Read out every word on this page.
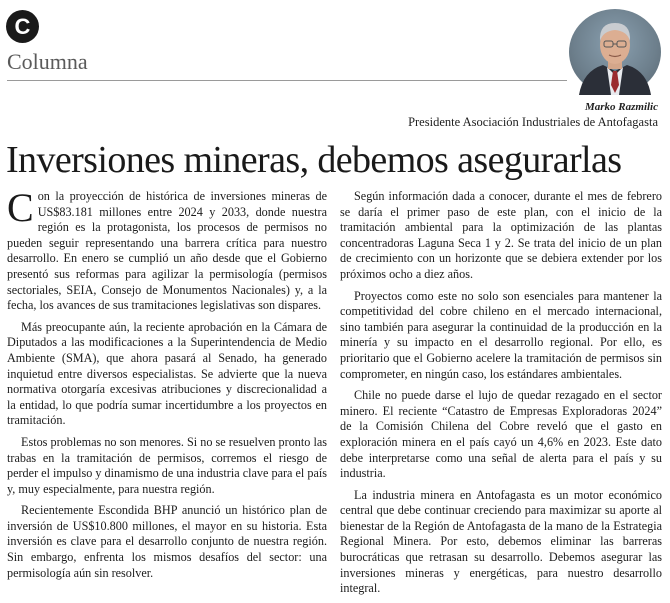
C
Columna
Marko Razmilic
Presidente Asociación Industriales de Antofagasta
Inversiones mineras, debemos asegurarlas

Con la proyección de histórica de inversiones mineras de US$83.181 millones entre 2024 y 2033, donde nuestra región es la protagonista, los procesos de permisos no pueden seguir representando una barrera crítica para nuestro desarrollo. En enero se cumplió un año desde que el Gobierno presentó sus reformas para agilizar la permisología (permisos sectoriales, SEIA, Consejo de Monumentos Nacionales) y, a la fecha, los avances de sus tramitaciones legislativas son dispares.

Más preocupante aún, la reciente aprobación en la Cámara de Diputados a las modificaciones a la Superintendencia de Medio Ambiente (SMA), que ahora pasará al Senado, ha generado inquietud entre diversos especialistas. Se advierte que la nueva normativa otorgaría excesivas atribuciones y discrecionalidad a la entidad, lo que podría sumar incertidumbre a los proyectos en tramitación.

Estos problemas no son menores. Si no se resuelven pronto las trabas en la tramitación de permisos, corremos el riesgo de perder el impulso y dinamismo de una industria clave para el país y, muy especialmente, para nuestra región.

Recientemente Escondida BHP anunció un histórico plan de inversión de US$10.800 millones, el mayor en su historia. Esta inversión es clave para el desarrollo conjunto de nuestra región. Sin embargo, enfrenta los mismos desafíos del sector: una permisología aún sin resolver.

Según información dada a conocer, durante el mes de febrero se daría el primer paso de este plan, con el inicio de la tramitación ambiental para la optimización de las plantas concentradoras Laguna Seca 1 y 2. Se trata del inicio de un plan de crecimiento con un horizonte que se debiera extender por los próximos ocho a diez años.

Proyectos como este no solo son esenciales para mantener la competitividad del cobre chileno en el mercado internacional, sino también para asegurar la continuidad de la producción en la minería y su impacto en el desarrollo regional. Por ello, es prioritario que el Gobierno acelere la tramitación de permisos sin comprometer, en ningún caso, los estándares ambientales.

Chile no puede darse el lujo de quedar rezagado en el sector minero. El reciente “Catastro de Empresas Exploradoras 2024” de la Comisión Chilena del Cobre reveló que el gasto en exploración minera en el país cayó un 4,6% en 2023. Este dato debe interpretarse como una señal de alerta para el país y su industria.

La industria minera en Antofagasta es un motor económico central que debe continuar creciendo para maximizar su aporte al bienestar de la Región de Antofagasta de la mano de la Estrategia Regional Minera. Por esto, debemos eliminar las barreras burocráticas que retrasan su desarrollo. Debemos asegurar las inversiones mineras y energéticas, para nuestro desarrollo integral.
